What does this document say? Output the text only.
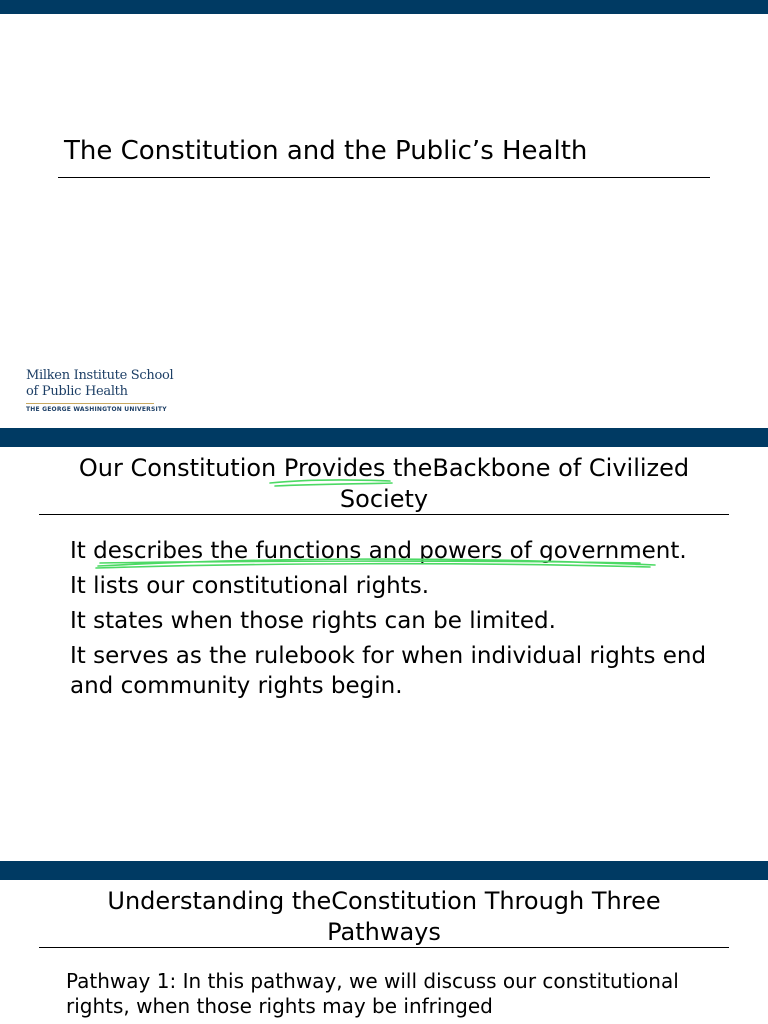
The Constitution and the Public’s Health
Milken Institute School
of Public Health
THE GEORGE WASHINGTON UNIVERSITY
Our Constitution Provides theBackbone of Civilized
Society
It describes the functions and powers of government.
It lists our constitutional rights.
It states when those rights can be limited.
It serves as the rulebook for when individual rights end and community rights begin.
Understanding theConstitution Through Three
Pathways
Pathway 1: In this pathway, we will discuss our constitutional rights, when those rights may be infringed
